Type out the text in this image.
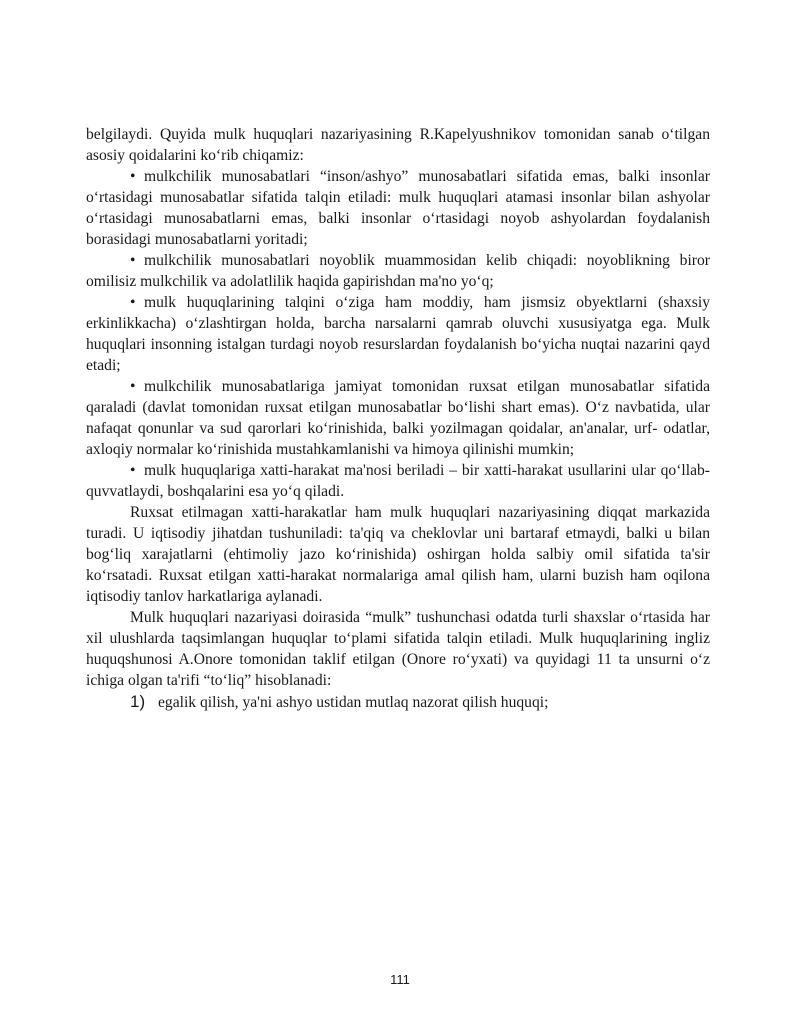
belgilaydi. Quyida mulk huquqlari nazariyasining R.Kapelyushnikov tomonidan sanab o‘tilgan asosiy qoidalarini ko‘rib chiqamiz:

• mulkchilik munosabatlari “inson/ashyo” munosabatlari sifatida emas, balki insonlar o‘rtasidagi munosabatlar sifatida talqin etiladi: mulk huquqlari atamasi insonlar bilan ashyolar o‘rtasidagi munosabatlarni emas, balki insonlar o‘rtasidagi noyob ashyolardan foydalanish borasidagi munosabatlarni yoritadi;

• mulkchilik munosabatlari noyoblik muammosidan kelib chiqadi: noyoblikning biror omilisiz mulkchilik va adolatlilik haqida gapirishdan ma'no yo‘q;

• mulk huquqlarining talqini o‘ziga ham moddiy, ham jismsiz obyektlarni (shaxsiy erkinlikkacha) o‘zlashtirgan holda, barcha narsalarni qamrab oluvchi xususiyatga ega. Mulk huquqlari insonning istalgan turdagi noyob resurslardan foydalanish bo‘yicha nuqtai nazarini qayd etadi;

• mulkchilik munosabatlariga jamiyat tomonidan ruxsat etilgan munosabatlar sifatida qaraladi (davlat tomonidan ruxsat etilgan munosabatlar bo‘lishi shart emas). O‘z navbatida, ular nafaqat qonunlar va sud qarorlari ko‘rinishida, balki yozilmagan qoidalar, an'analar, urf- odatlar, axloqiy normalar ko‘rinishida mustahkamlanishi va himoya qilinishi mumkin;

• mulk huquqlariga xatti-harakat ma'nosi beriladi – bir xatti-harakat usullarini ular qo‘llab-quvvatlaydi, boshqalarini esa yo‘q qiladi.

Ruxsat etilmagan xatti-harakatlar ham mulk huquqlari nazariyasining diqqat markazida turadi. U iqtisodiy jihatdan tushuniladi: ta'qiq va cheklovlar uni bartaraf etmaydi, balki u bilan bog‘liq xarajatlarni (ehtimoliy jazo ko‘rinishida) oshirgan holda salbiy omil sifatida ta'sir ko‘rsatadi. Ruxsat etilgan xatti-harakat normalariga amal qilish ham, ularni buzish ham oqilona iqtisodiy tanlov harkatlariga aylanadi.

Mulk huquqlari nazariyasi doirasida “mulk” tushunchasi odatda turli shaxslar o‘rtasida har xil ulushlarda taqsimlangan huquqlar to‘plami sifatida talqin etiladi. Mulk huquqlarining ingliz huquqshunosi A.Onore tomonidan taklif etilgan (Onore ro‘yxati) va quyidagi 11 ta unsurni o‘z ichiga olgan ta'rifi “to‘liq” hisoblanadi:

1) egalik qilish, ya'ni ashyo ustidan mutlaq nazorat qilish huquqi;

111
